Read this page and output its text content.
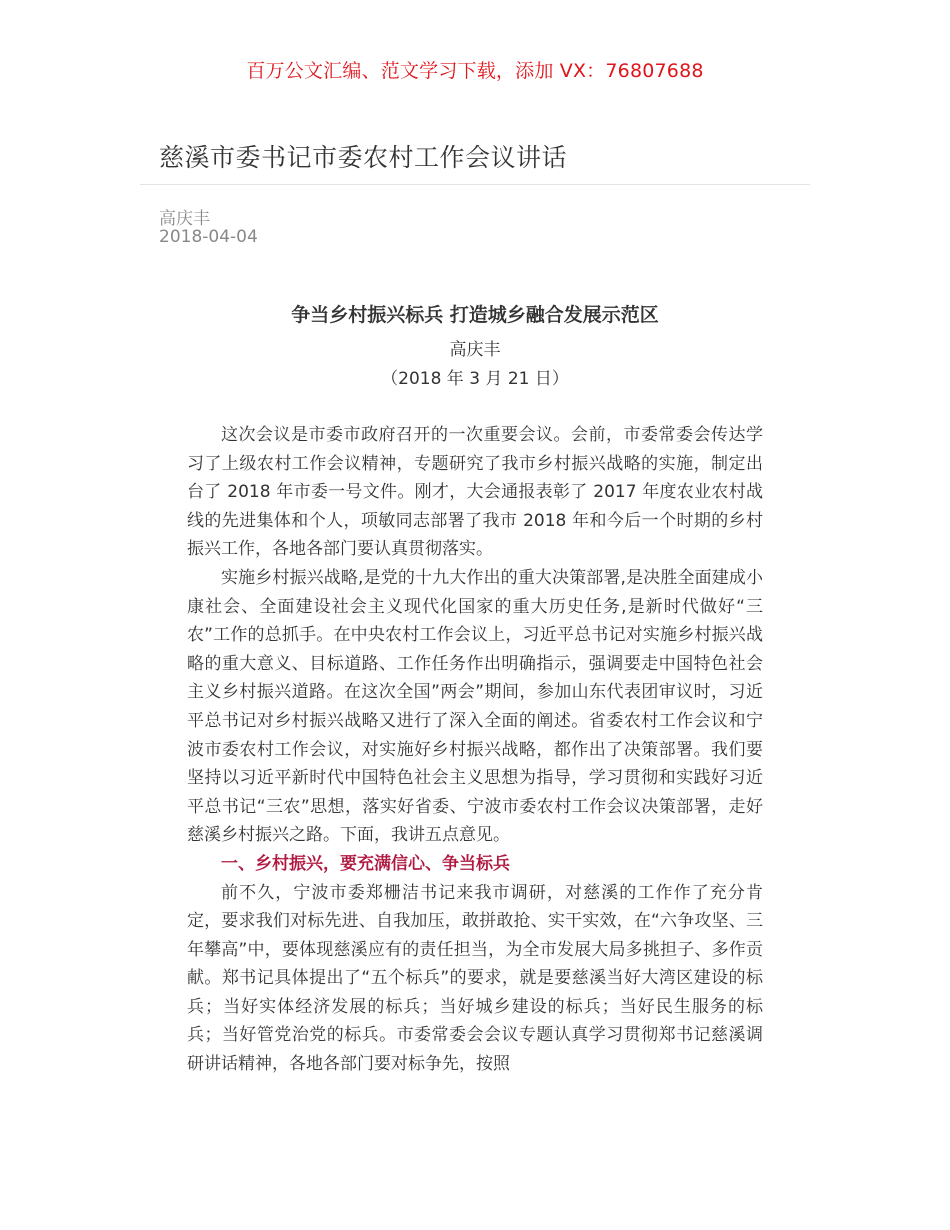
百万公文汇编、范文学习下载，添加 VX：76807688
慈溪市委书记市委农村工作会议讲话
高庆丰
2018-04-04
争当乡村振兴标兵 打造城乡融合发展示范区
高庆丰
（2018 年 3 月 21 日）

这次会议是市委市政府召开的一次重要会议。会前，市委常委会传达学习了上级农村工作会议精神，专题研究了我市乡村振兴战略的实施，制定出台了 2018 年市委一号文件。刚才，大会通报表彰了 2017 年度农业农村战线的先进集体和个人，项敏同志部署了我市 2018 年和今后一个时期的乡村振兴工作，各地各部门要认真贯彻落实。

实施乡村振兴战略,是党的十九大作出的重大决策部署,是决胜全面建成小康社会、全面建设社会主义现代化国家的重大历史任务,是新时代做好“三农”工作的总抓手。在中央农村工作会议上，习近平总书记对实施乡村振兴战略的重大意义、目标道路、工作任务作出明确指示，强调要走中国特色社会主义乡村振兴道路。在这次全国”两会”期间，参加山东代表团审议时，习近平总书记对乡村振兴战略又进行了深入全面的阐述。省委农村工作会议和宁波市委农村工作会议，对实施好乡村振兴战略，都作出了决策部署。我们要坚持以习近平新时代中国特色社会主义思想为指导，学习贯彻和实践好习近平总书记“三农”思想，落实好省委、宁波市委农村工作会议决策部署，走好慈溪乡村振兴之路。下面，我讲五点意见。

一、乡村振兴，要充满信心、争当标兵

前不久，宁波市委郑栅洁书记来我市调研，对慈溪的工作作了充分肯定，要求我们对标先进、自我加压，敢拼敢抢、实干实效，在“六争攻坚、三年攀高”中，要体现慈溪应有的责任担当，为全市发展大局多挑担子、多作贡献。郑书记具体提出了“五个标兵”的要求，就是要慈溪当好大湾区建设的标兵；当好实体经济发展的标兵；当好城乡建设的标兵；当好民生服务的标兵；当好管党治党的标兵。市委常委会会议专题认真学习贯彻郑书记慈溪调研讲话精神，各地各部门要对标争先，按照
